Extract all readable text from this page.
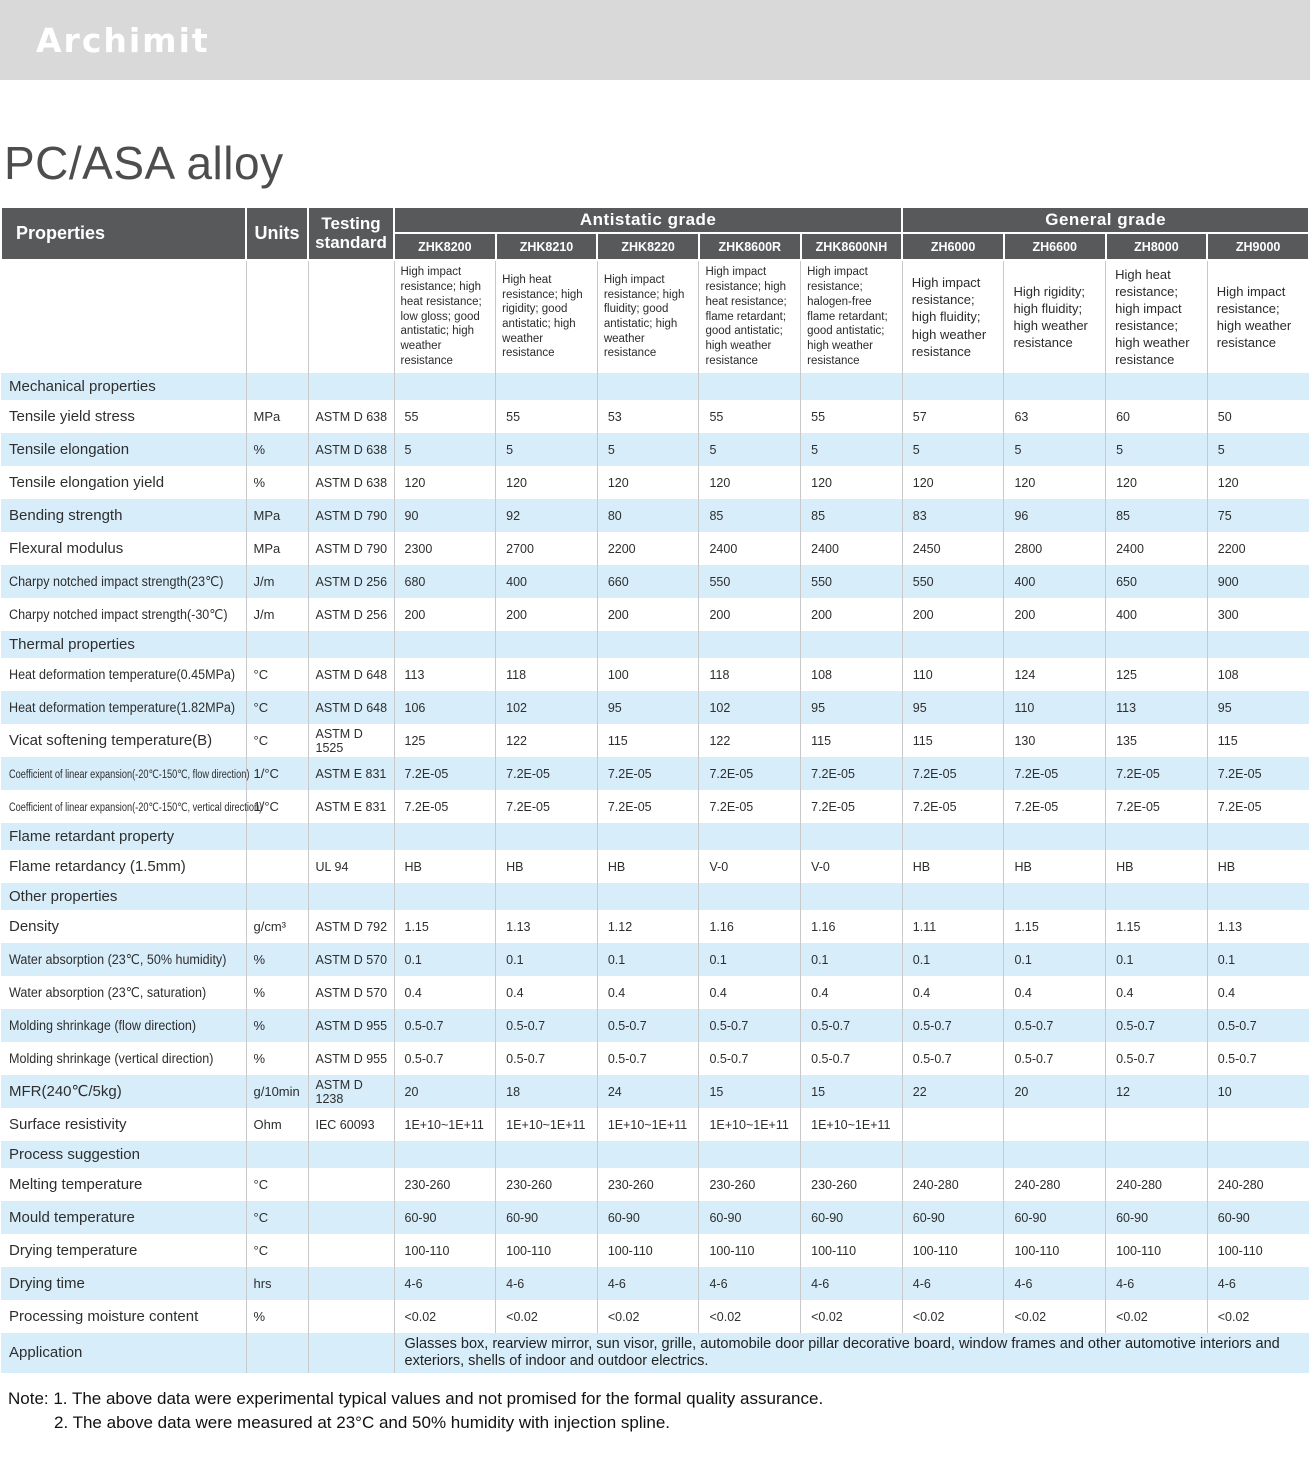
Archimit
PC/ASA alloy
Properties	Units	Testing standard	Antistatic grade					General grade			
			ZHK8200	ZHK8210	ZHK8220	ZHK8600R	ZHK8600NH	ZH6000	ZH6600	ZH8000	ZH9000
			High impact resistance; high heat resistance; low gloss; good antistatic; high weather resistance	High heat resistance; high rigidity; good antistatic; high weather resistance	High impact resistance; high fluidity; good antistatic; high weather resistance	High impact resistance; high heat resistance; flame retardant; good antistatic; high weather resistance	High impact resistance; halogen-free flame retardant; good antistatic; high weather resistance	High impact resistance; high fluidity; high weather resistance	High rigidity; high fluidity; high weather resistance	High heat resistance; high impact resistance; high weather resistance	High impact resistance; high weather resistance
Mechanical properties											
Tensile yield stress	MPa	ASTM D 638	55	55	53	55	55	57	63	60	50
Tensile elongation	%	ASTM D 638	5	5	5	5	5	5	5	5	5
Tensile elongation yield	%	ASTM D 638	120	120	120	120	120	120	120	120	120
Bending strength	MPa	ASTM D 790	90	92	80	85	85	83	96	85	75
Flexural modulus	MPa	ASTM D 790	2300	2700	2200	2400	2400	2450	2800	2400	2200
Charpy notched impact strength(23℃)	J/m	ASTM D 256	680	400	660	550	550	550	400	650	900
Charpy notched impact strength(-30℃)	J/m	ASTM D 256	200	200	200	200	200	200	200	400	300
Thermal properties											
Heat deformation temperature(0.45MPa)	°C	ASTM D 648	113	118	100	118	108	110	124	125	108
Heat deformation temperature(1.82MPa)	°C	ASTM D 648	106	102	95	102	95	95	110	113	95
Vicat softening temperature(B)	°C	ASTM D 1525	125	122	115	122	115	115	130	135	115
Coefficient of linear expansion(-20℃-150℃, flow direction)	1/°C	ASTM E 831	7.2E-05	7.2E-05	7.2E-05	7.2E-05	7.2E-05	7.2E-05	7.2E-05	7.2E-05	7.2E-05
Coefficient of linear expansion(-20℃-150℃, vertical direction)	1/°C	ASTM E 831	7.2E-05	7.2E-05	7.2E-05	7.2E-05	7.2E-05	7.2E-05	7.2E-05	7.2E-05	7.2E-05
Flame retardant property											
Flame retardancy (1.5mm)		UL 94	HB	HB	HB	V-0	V-0	HB	HB	HB	HB
Other properties											
Density	g/cm³	ASTM D 792	1.15	1.13	1.12	1.16	1.16	1.11	1.15	1.15	1.13
Water absorption (23℃, 50% humidity)	%	ASTM D 570	0.1	0.1	0.1	0.1	0.1	0.1	0.1	0.1	0.1
Water absorption (23℃, saturation)	%	ASTM D 570	0.4	0.4	0.4	0.4	0.4	0.4	0.4	0.4	0.4
Molding shrinkage (flow direction)	%	ASTM D 955	0.5-0.7	0.5-0.7	0.5-0.7	0.5-0.7	0.5-0.7	0.5-0.7	0.5-0.7	0.5-0.7	0.5-0.7
Molding shrinkage (vertical direction)	%	ASTM D 955	0.5-0.7	0.5-0.7	0.5-0.7	0.5-0.7	0.5-0.7	0.5-0.7	0.5-0.7	0.5-0.7	0.5-0.7
MFR(240℃/5kg)	g/10min	ASTM D 1238	20	18	24	15	15	22	20	12	10
Surface resistivity	Ohm	IEC 60093	1E+10~1E+11	1E+10~1E+11	1E+10~1E+11	1E+10~1E+11	1E+10~1E+11				
Process suggestion											
Melting temperature	°C		230-260	230-260	230-260	230-260	230-260	240-280	240-280	240-280	240-280
Mould temperature	°C		60-90	60-90	60-90	60-90	60-90	60-90	60-90	60-90	60-90
Drying temperature	°C		100-110	100-110	100-110	100-110	100-110	100-110	100-110	100-110	100-110
Drying time	hrs		4-6	4-6	4-6	4-6	4-6	4-6	4-6	4-6	4-6
Processing moisture content	%		<0.02	<0.02	<0.02	<0.02	<0.02	<0.02	<0.02	<0.02	<0.02
Application			Glasses box, rearview mirror, sun visor, grille, automobile door pillar decorative board, window frames and other automotive interiors and exteriors, shells of indoor and outdoor electrics.								
Note: 1. The above data were experimental typical values and not promised for the formal quality assurance.
2. The above data were measured at 23°C and 50% humidity with injection spline.
